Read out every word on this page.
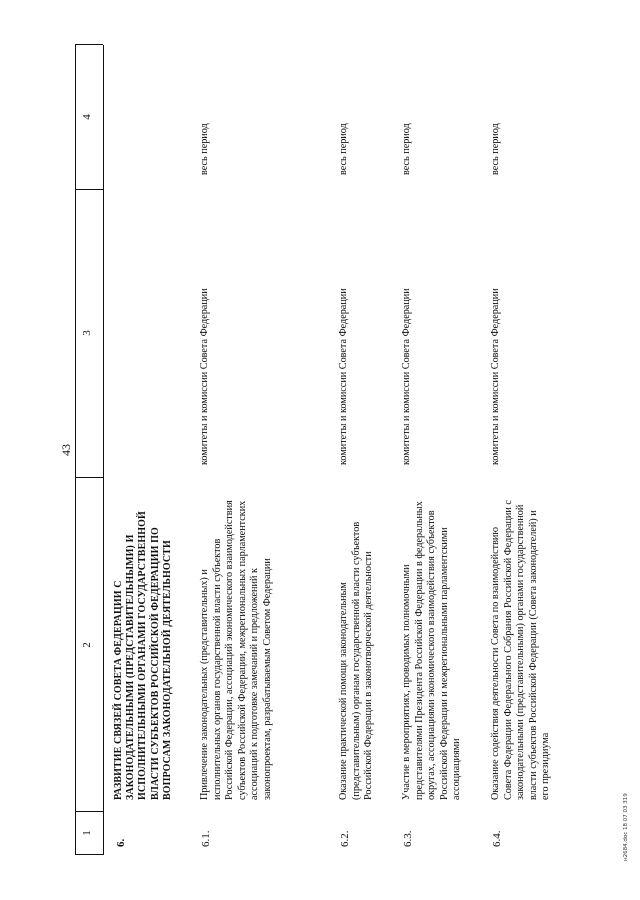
43
1
2
3
4
6.
РАЗВИТИЕ СВЯЗЕЙ СОВЕТА ФЕДЕРАЦИИ С ЗАКОНОДАТЕЛЬНЫМИ (ПРЕДСТАВИТЕЛЬНЫМИ) И ИСПОЛНИТЕЛЬНЫМИ ОРГАНАМИ ГОСУДАРСТВЕННОЙ ВЛАСТИ СУБЪЕКТОВ РОССИЙСКОЙ ФЕДЕРАЦИИ ПО ВОПРОСАМ ЗАКОНОДАТЕЛЬНОЙ ДЕЯТЕЛЬНОСТИ
6.1.
Привлечение законодательных (представительных) и исполнительных органов государственной власти субъектов Российской Федерации, ассоциаций экономического взаимодействия субъектов Российской Федерации, межрегиональных парламентских ассоциаций к подготовке замечаний и предложений к законопроектам, разрабатываемым Советом Федерации
комитеты и комиссии Совета Федерации
весь период
6.2.
Оказание практической помощи законодательным (представительным) органам государственной власти субъектов Российской Федерации в законотворческой деятельности
комитеты и комиссии Совета Федерации
весь период
6.3.
Участие в мероприятиях, проводимых полномочными представителями Президента Российской Федерации в федеральных округах, ассоциациями экономического взаимодействия субъектов Российской Федерации и межрегиональными парламентскими ассоциациями
комитеты и комиссии Совета Федерации
весь период
6.4.
Оказание содействия деятельности Совета по взаимодействию Совета Федерации Федерального Собрания Российской Федерации с законодательными (представительными) органами государственной власти субъектов Российской Федерации (Совета законодателей) и его президиума
комитеты и комиссии Совета Федерации
весь период
н2684.doc 18 07 03 319
